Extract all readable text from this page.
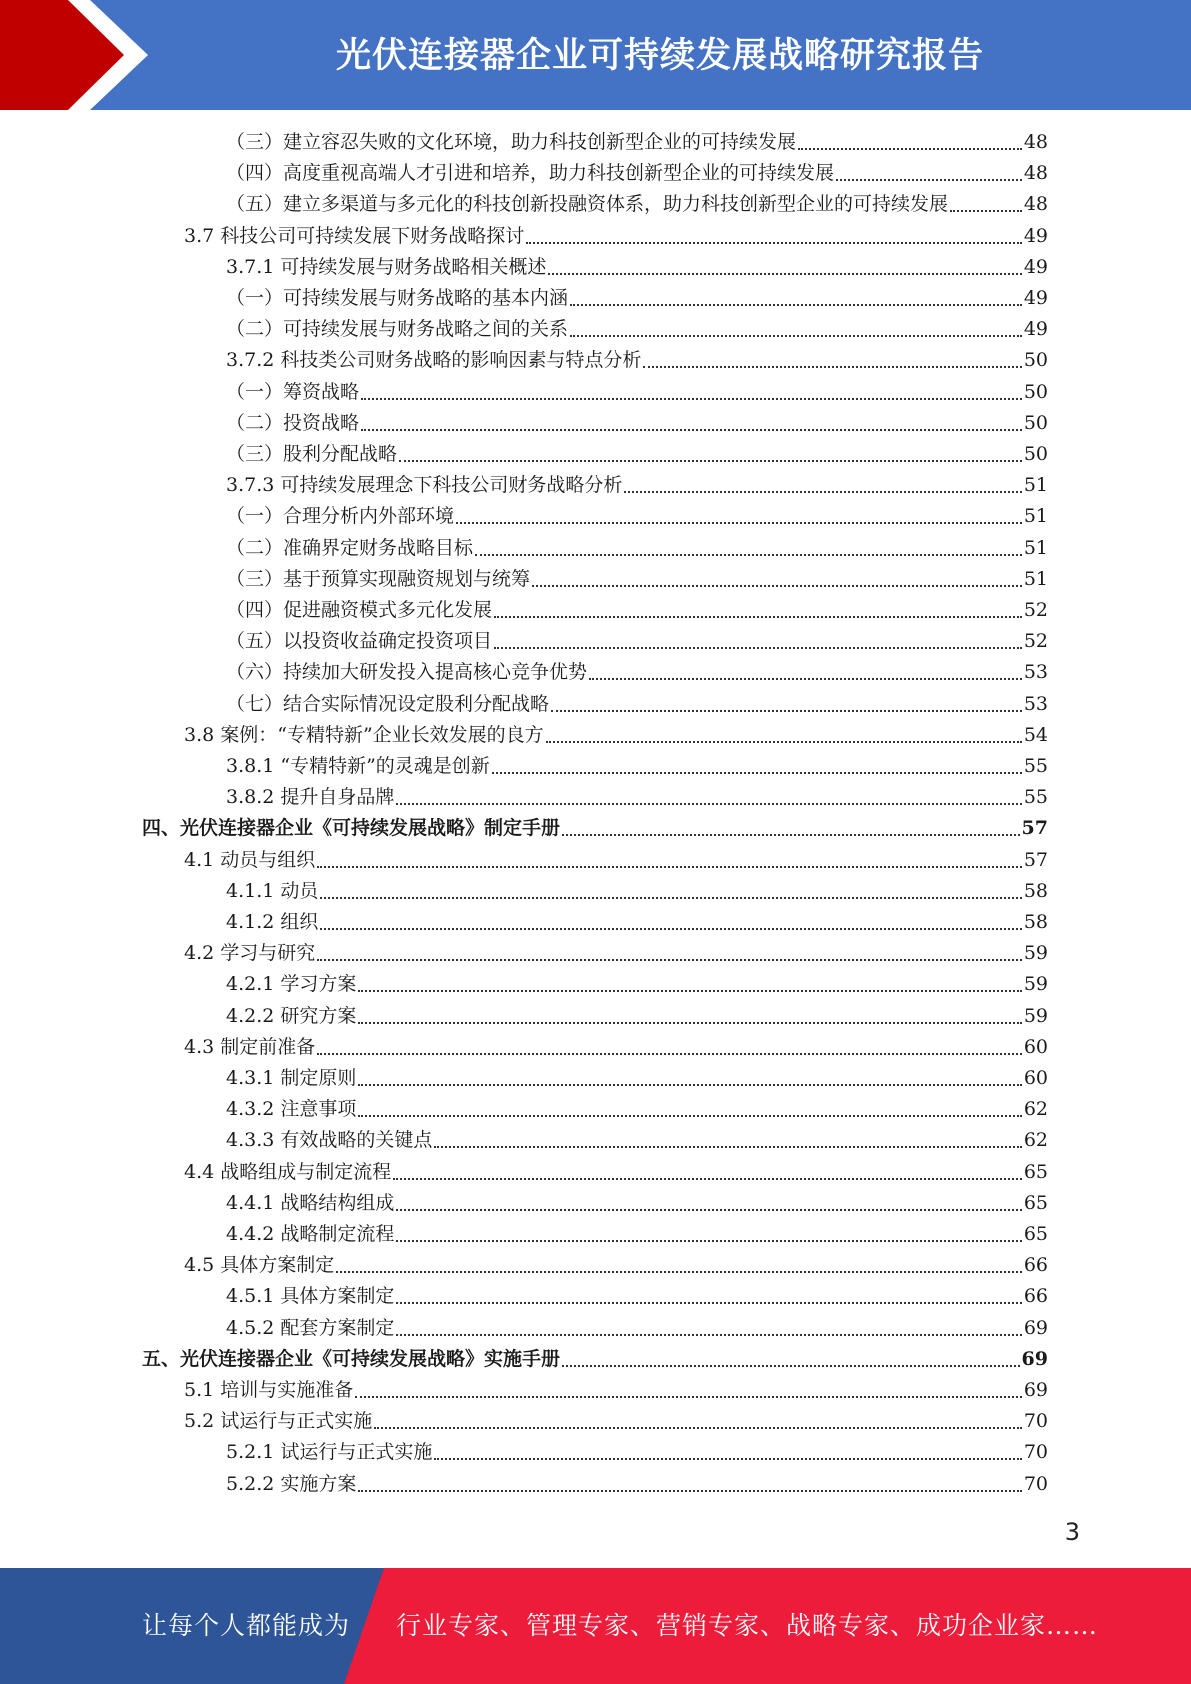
光伏连接器企业可持续发展战略研究报告
（三）建立容忍失败的文化环境，助力科技创新型企业的可持续发展	48
（四）高度重视高端人才引进和培养，助力科技创新型企业的可持续发展	48
（五）建立多渠道与多元化的科技创新投融资体系，助力科技创新型企业的可持续发展	48
3.7 科技公司可持续发展下财务战略探讨	49
3.7.1 可持续发展与财务战略相关概述	49
（一）可持续发展与财务战略的基本内涵	49
（二）可持续发展与财务战略之间的关系	49
3.7.2 科技类公司财务战略的影响因素与特点分析	50
（一）筹资战略	50
（二）投资战略	50
（三）股利分配战略	50
3.7.3 可持续发展理念下科技公司财务战略分析	51
（一）合理分析内外部环境	51
（二）准确界定财务战略目标	51
（三）基于预算实现融资规划与统筹	51
（四）促进融资模式多元化发展	52
（五）以投资收益确定投资项目	52
（六）持续加大研发投入提高核心竞争优势	53
（七）结合实际情况设定股利分配战略	53
3.8 案例：“专精特新”企业长效发展的良方	54
3.8.1 “专精特新”的灵魂是创新	55
3.8.2 提升自身品牌	55
四、光伏连接器企业《可持续发展战略》制定手册	57
4.1 动员与组织	57
4.1.1 动员	58
4.1.2 组织	58
4.2 学习与研究	59
4.2.1 学习方案	59
4.2.2 研究方案	59
4.3 制定前准备	60
4.3.1 制定原则	60
4.3.2 注意事项	62
4.3.3 有效战略的关键点	62
4.4 战略组成与制定流程	65
4.4.1 战略结构组成	65
4.4.2 战略制定流程	65
4.5 具体方案制定	66
4.5.1 具体方案制定	66
4.5.2 配套方案制定	69
五、光伏连接器企业《可持续发展战略》实施手册	69
5.1 培训与实施准备	69
5.2 试运行与正式实施	70
5.2.1 试运行与正式实施	70
5.2.2 实施方案	70
3
让每个人都能成为 行业专家、管理专家、营销专家、战略专家、成功企业家……
